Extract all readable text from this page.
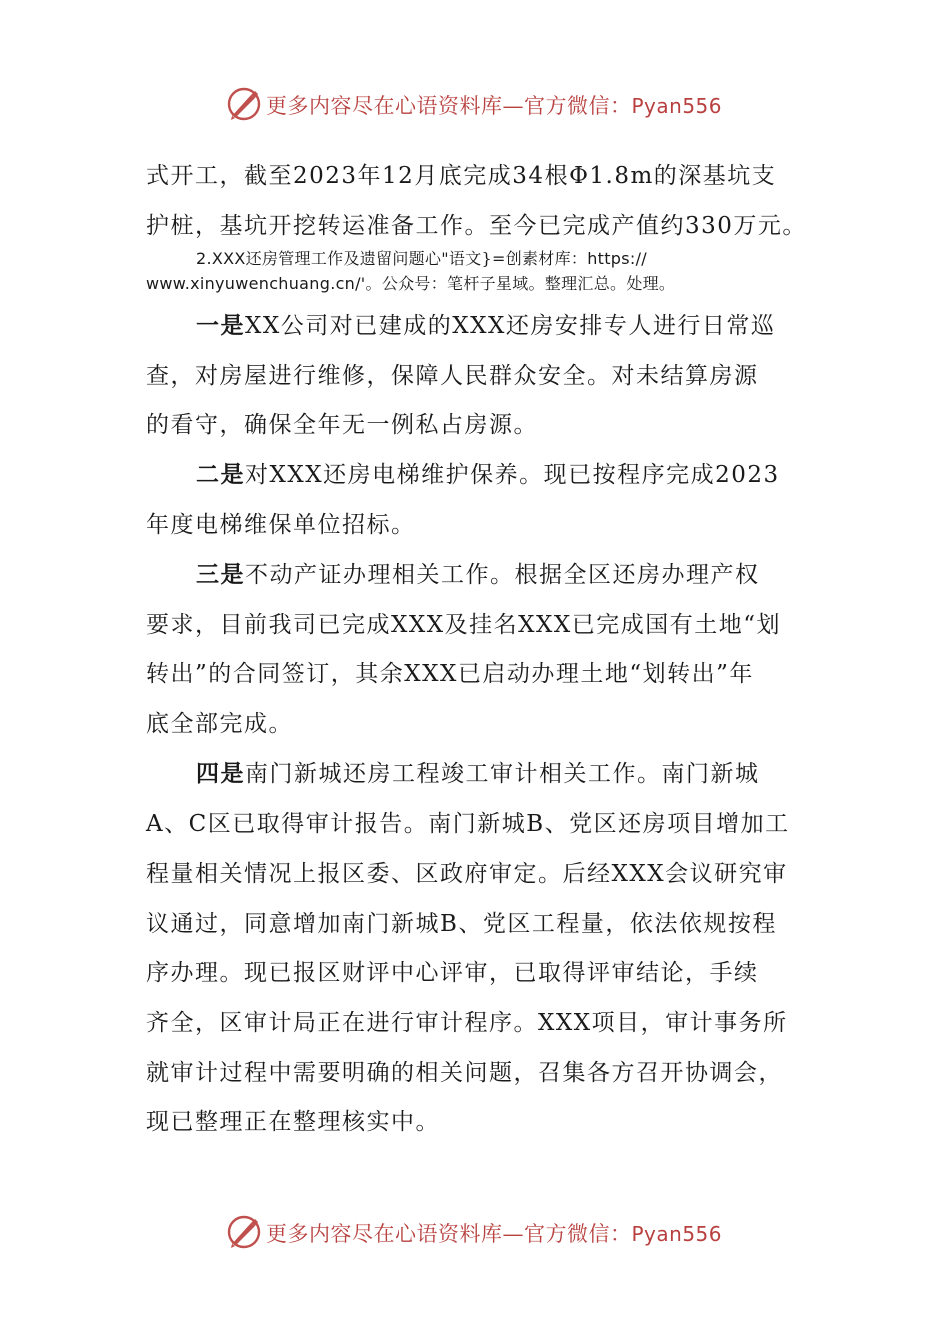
更多内容尽在心语资料库—官方微信：Pyan556
式开工，截至2023年12月底完成34根Φ1.8m的深基坑支
护桩，基坑开挖转运准备工作。至今已完成产值约330万元。
2.XXX还房管理工作及遗留问题心"语文}=创素材库：https://
www.xinyuwenchuang.cn/'。公众号：笔杆子星域。整理汇总。处理。
一是XX公司对已建成的XXX还房安排专人进行日常巡
查，对房屋进行维修，保障人民群众安全。对未结算房源
的看守，确保全年无一例私占房源。
二是对XXX还房电梯维护保养。现已按程序完成2023
年度电梯维保单位招标。
三是不动产证办理相关工作。根据全区还房办理产权
要求，目前我司已完成XXX及挂名XXX已完成国有土地“划
转出”的合同签订，其余XXX已启动办理土地“划转出”年
底全部完成。
四是南门新城还房工程竣工审计相关工作。南门新城
A、C区已取得审计报告。南门新城B、党区还房项目增加工
程量相关情况上报区委、区政府审定。后经XXX会议研究审
议通过，同意增加南门新城B、党区工程量，依法依规按程
序办理。现已报区财评中心评审，已取得评审结论，手续
齐全，区审计局正在进行审计程序。XXX项目，审计事务所
就审计过程中需要明确的相关问题，召集各方召开协调会，
现已整理正在整理核实中。
更多内容尽在心语资料库—官方微信：Pyan556
